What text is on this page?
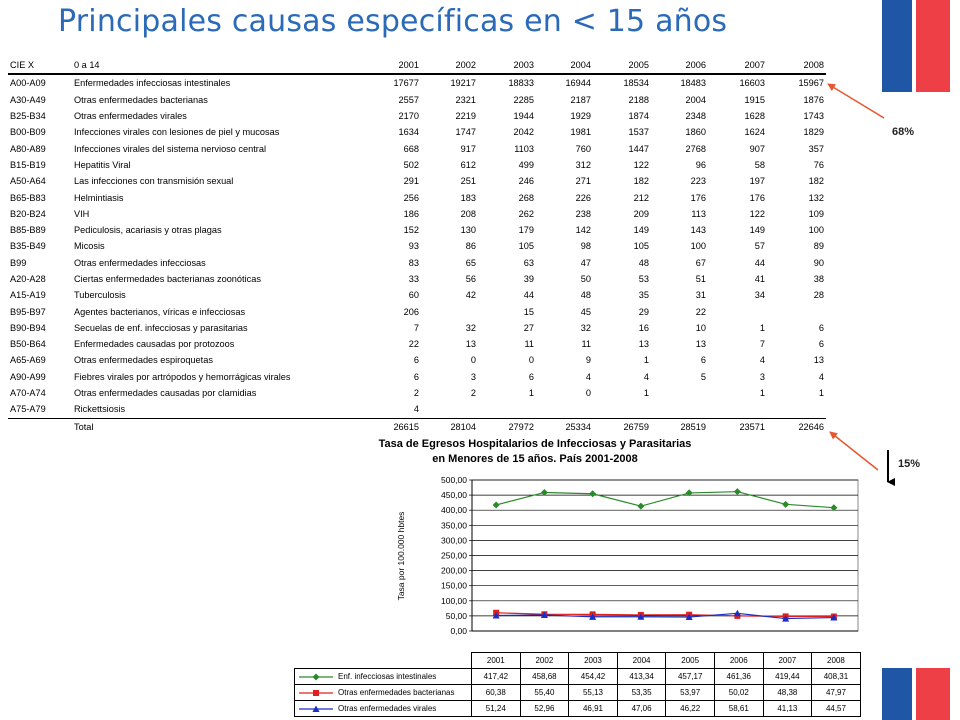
Principales causas específicas en < 15 años
CIE X	0 a 14	2001	2002	2003	2004	2005	2006	2007	2008
A00-A09	Enfermedades infecciosas intestinales	17677	19217	18833	16944	18534	18483	16603	15967
A30-A49	Otras enfermedades bacterianas	2557	2321	2285	2187	2188	2004	1915	1876
B25-B34	Otras enfermedades virales	2170	2219	1944	1929	1874	2348	1628	1743
B00-B09	Infecciones virales con lesiones de piel y mucosas	1634	1747	2042	1981	1537	1860	1624	1829
A80-A89	Infecciones virales del sistema nervioso central	668	917	1103	760	1447	2768	907	357
B15-B19	Hepatitis Viral	502	612	499	312	122	96	58	76
A50-A64	Las infecciones con transmisión sexual	291	251	246	271	182	223	197	182
B65-B83	Helmintiasis	256	183	268	226	212	176	176	132
B20-B24	VIH	186	208	262	238	209	113	122	109
B85-B89	Pediculosis, acariasis y otras plagas	152	130	179	142	149	143	149	100
B35-B49	Micosis	93	86	105	98	105	100	57	89
B99	Otras enfermedades infecciosas	83	65	63	47	48	67	44	90
A20-A28	Ciertas enfermedades bacterianas zoonóticas	33	56	39	50	53	51	41	38
A15-A19	Tuberculosis	60	42	44	48	35	31	34	28
B95-B97	Agentes bacterianos, víricas e infecciosas	206		15	45	29	22		
B90-B94	Secuelas de enf. infecciosas y parasitarias	7	32	27	32	16	10	1	6
B50-B64	Enfermedades causadas por protozoos	22	13	11	11	13	13	7	6
A65-A69	Otras enfermedades espiroquetas	6	0	0	9	1	6	4	13
A90-A99	Fiebres virales por artrópodos y hemorrágicas virales	6	3	6	4	4	5	3	4
A70-A74	Otras enfermedades causadas por clamidias	2	2	1	0	1		1	1
A75-A79	Rickettsiosis	4							
	Total	26615	28104	27972	25334	26759	28519	23571	22646
68%
15%
Tasa de Egresos Hospitalarios de Infecciosas y Parasitarias
en Menores de 15 años. País 2001-2008
0,00
50,00
100,00
150,00
200,00
250,00
300,00
350,00
400,00
450,00
500,00
Tasa por 100.000 hbtes
	2001	2002	2003	2004	2005	2006	2007	2008
Enf. infecciosas intestinales	417,42	458,68	454,42	413,34	457,17	461,36	419,44	408,31
Otras enfermedades bacterianas	60,38	55,40	55,13	53,35	53,97	50,02	48,38	47,97
Otras enfermedades virales	51,24	52,96	46,91	47,06	46,22	58,61	41,13	44,57
